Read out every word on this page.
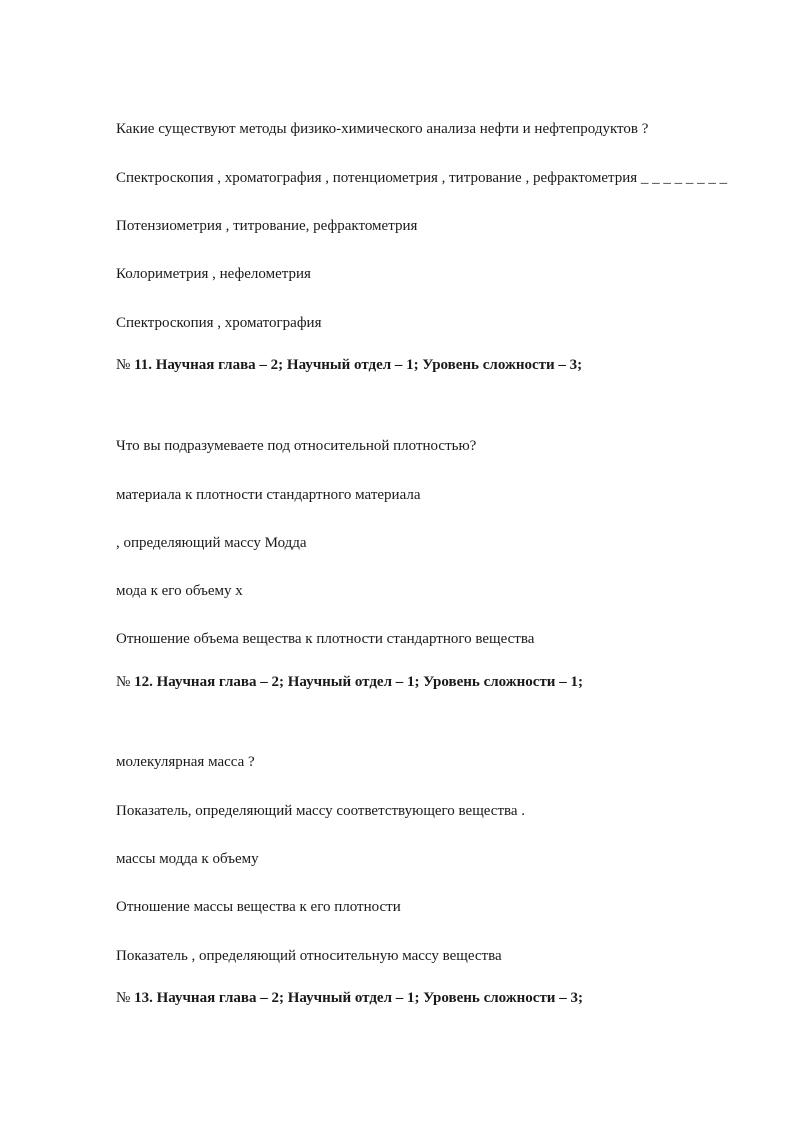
Какие существуют методы физико-химического анализа нефти и нефтепродуктов ?
Спектроскопия , хроматография , потенциометрия , титрование , рефрактометрия _ _ _ _ _ _ _ _
Потензиометрия , титрование, рефрактометрия
Колориметрия , нефелометрия
Спектроскопия , хроматография
№ 11. Научная глава – 2; Научный отдел – 1; Уровень сложности – 3;
Что вы подразумеваете под относительной плотностью?
материала к плотности стандартного материала
, определяющий массу Модда
мода к его объему x
Отношение объема вещества к плотности стандартного вещества
№ 12. Научная глава – 2; Научный отдел – 1; Уровень сложности – 1;
молекулярная масса ?
Показатель, определяющий массу соответствующего вещества .
массы модда к объему
Отношение массы вещества к его плотности
Показатель , определяющий относительную массу вещества
№ 13. Научная глава – 2; Научный отдел – 1; Уровень сложности – 3;
